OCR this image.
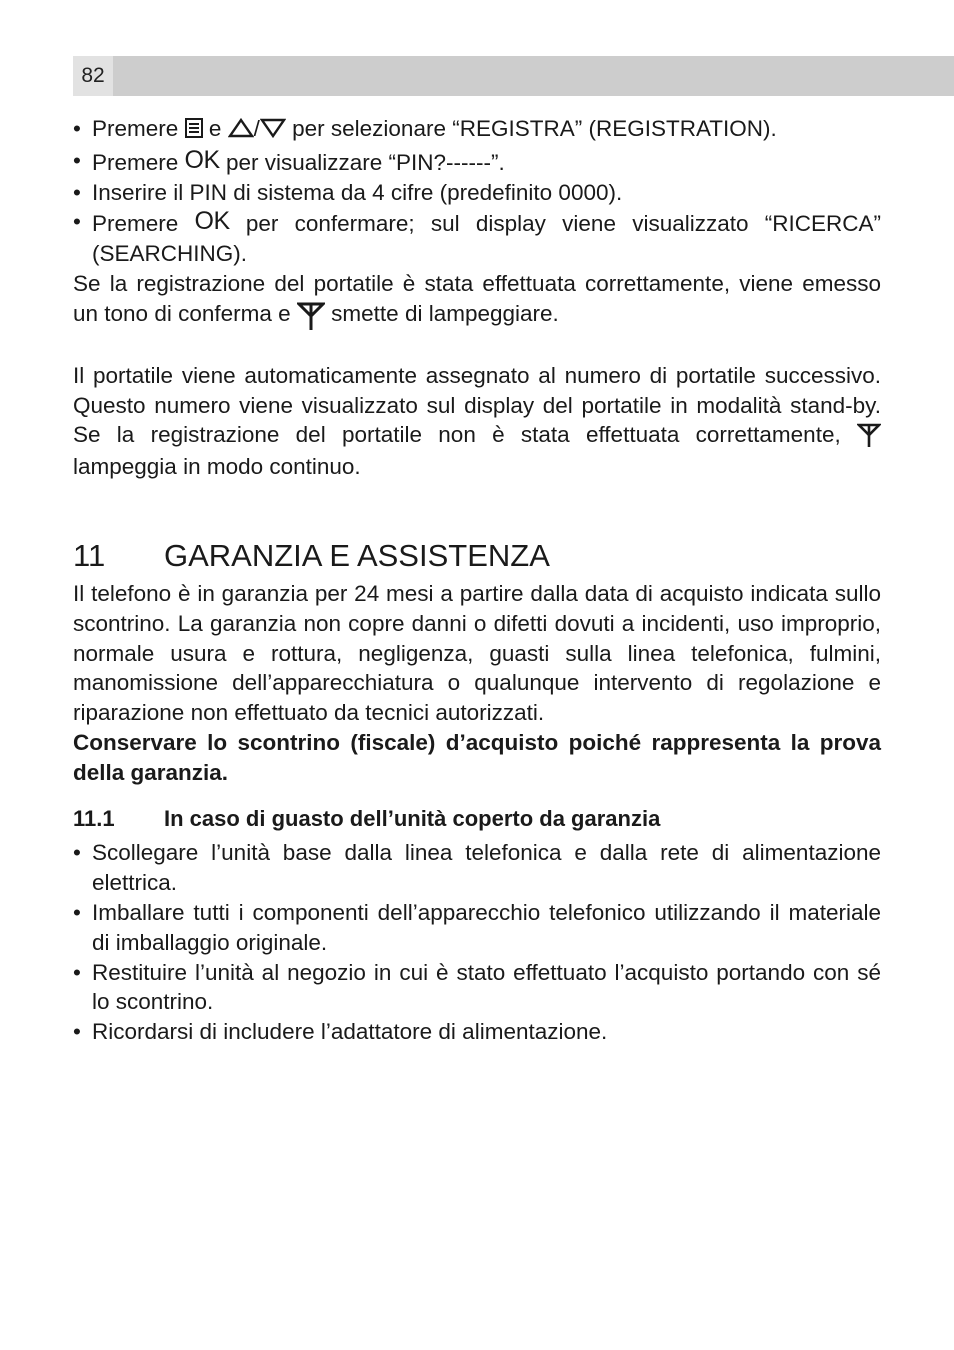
82
• Premere e / per selezionare “REGISTRA” (REGISTRATION).
• Premere OK per visualizzare “PIN?------”.
• Inserire il PIN di sistema da 4 cifre (predefinito 0000).
• Premere OK per confermare; sul display viene visualizzato “RICERCA” (SEARCHING).
Se la registrazione del portatile è stata effettuata correttamente, viene emesso un tono di conferma e smette di lampeggiare.
Il portatile viene automaticamente assegnato al numero di portatile successivo. Questo numero viene visualizzato sul display del portatile in modalità stand-by. Se la registrazione del portatile non è stata effettuata correttamente,  lampeggia in modo continuo.
11	GARANZIA E ASSISTENZA
Il telefono è in garanzia per 24 mesi a partire dalla data di acquisto indicata sullo scontrino. La garanzia non copre danni o difetti dovuti a incidenti, uso improprio, normale usura e rottura, negligenza, guasti sulla linea telefonica, fulmini, manomissione dell’apparecchiatura o qualunque intervento di regolazione e riparazione non effettuato da tecnici autorizzati.
Conservare lo scontrino (fiscale) d’acquisto poiché rappresenta la prova della garanzia.
11.1	In caso di guasto dell’unità coperto da garanzia
• Scollegare l’unità base dalla linea telefonica e dalla rete di alimentazione elettrica.
• Imballare tutti i componenti dell’apparecchio telefonico utilizzando il materiale di imballaggio originale.
• Restituire l’unità al negozio in cui è stato effettuato l’acquisto portando con sé lo scontrino.
• Ricordarsi di includere l’adattatore di alimentazione.
